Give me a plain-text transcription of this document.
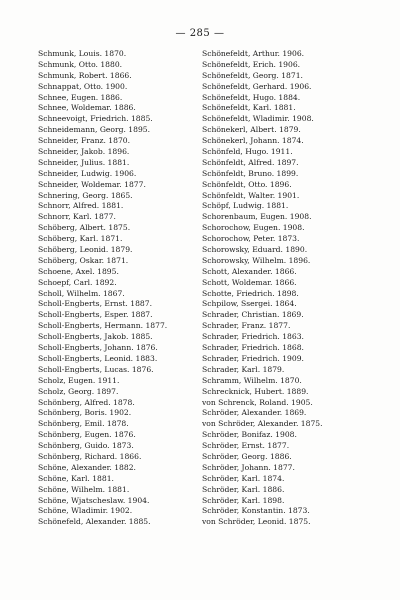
— 285 —
Schmunk, Louis. 1870.
Schmunk, Otto. 1880.
Schmunk, Robert. 1866.
Schnappat, Otto. 1900.
Schnee, Eugen. 1886.
Schnee, Woldemar. 1886.
Schneevoigt, Friedrich. 1885.
Schneidemann, Georg. 1895.
Schneider, Franz. 1870.
Schneider, Jakob. 1896.
Schneider, Julius. 1881.
Schneider, Ludwig. 1906.
Schneider, Woldemar. 1877.
Schnering, Georg. 1865.
Schnorr, Alfred. 1881.
Schnorr, Karl. 1877.
Schöberg, Albert. 1875.
Schöberg, Karl. 1871.
Schöberg, Leonid. 1879.
Schöberg, Oskar. 1871.
Schoene, Axel. 1895.
Schoepf, Carl. 1892.
Scholl, Wilhelm. 1867.
Scholl-Engberts, Ernst. 1887.
Scholl-Engberts, Esper. 1887.
Scholl-Engberts, Hermann. 1877.
Scholl-Engberts, Jakob. 1885.
Scholl-Engberts, Johann. 1876.
Scholl-Engberts, Leonid. 1883.
Scholl-Engberts, Lucas. 1876.
Scholz, Eugen. 1911.
Scholz, Georg. 1897.
Schönberg, Alfred. 1878.
Schönberg, Boris. 1902.
Schönberg, Emil. 1878.
Schönberg, Eugen. 1876.
Schönberg, Guido. 1873.
Schönberg, Richard. 1866.
Schöne, Alexander. 1882.
Schöne, Karl. 1881.
Schöne, Wilhelm. 1881.
Schöne, Wjatscheslaw. 1904.
Schöne, Wladimir. 1902.
Schönefeld, Alexander. 1885.
Schönefeldt, Arthur. 1906.
Schönefeldt, Erich. 1906.
Schönefeldt, Georg. 1871.
Schönefeldt, Gerhard. 1906.
Schönefeldt, Hugo. 1884.
Schönefeldt, Karl. 1881.
Schönefeldt, Wladimir. 1908.
Schönekerl, Albert. 1879.
Schönekerl, Johann. 1874.
Schönfeld, Hugo. 1911.
Schönfeldt, Alfred. 1897.
Schönfeldt, Bruno. 1899.
Schönfeldt, Otto. 1896.
Schönfeldt, Walter. 1901.
Schöpf, Ludwig. 1881.
Schorenbaum, Eugen. 1908.
Schorochow, Eugen. 1908.
Schorochow, Peter. 1873.
Schorowsky, Eduard. 1890.
Schorowsky, Wilhelm. 1896.
Schott, Alexander. 1866.
Schott, Woldemar. 1866.
Schotte, Friedrich. 1898.
Schpilow, Ssergei. 1864.
Schrader, Christian. 1869.
Schrader, Franz. 1877.
Schrader, Friedrich. 1863.
Schrader, Friedrich. 1868.
Schrader, Friedrich. 1909.
Schrader, Karl. 1879.
Schramm, Wilhelm. 1870.
Schrecknick, Hubert. 1889.
von Schrenck, Roland. 1905.
Schröder, Alexander. 1869.
von Schröder, Alexander. 1875.
Schröder, Bonifaz. 1908.
Schröder, Ernst. 1877.
Schröder, Georg. 1886.
Schröder, Johann. 1877.
Schröder, Karl. 1874.
Schröder, Karl. 1886.
Schröder, Karl. 1898.
Schröder, Konstantin. 1873.
von Schröder, Leonid. 1875.
